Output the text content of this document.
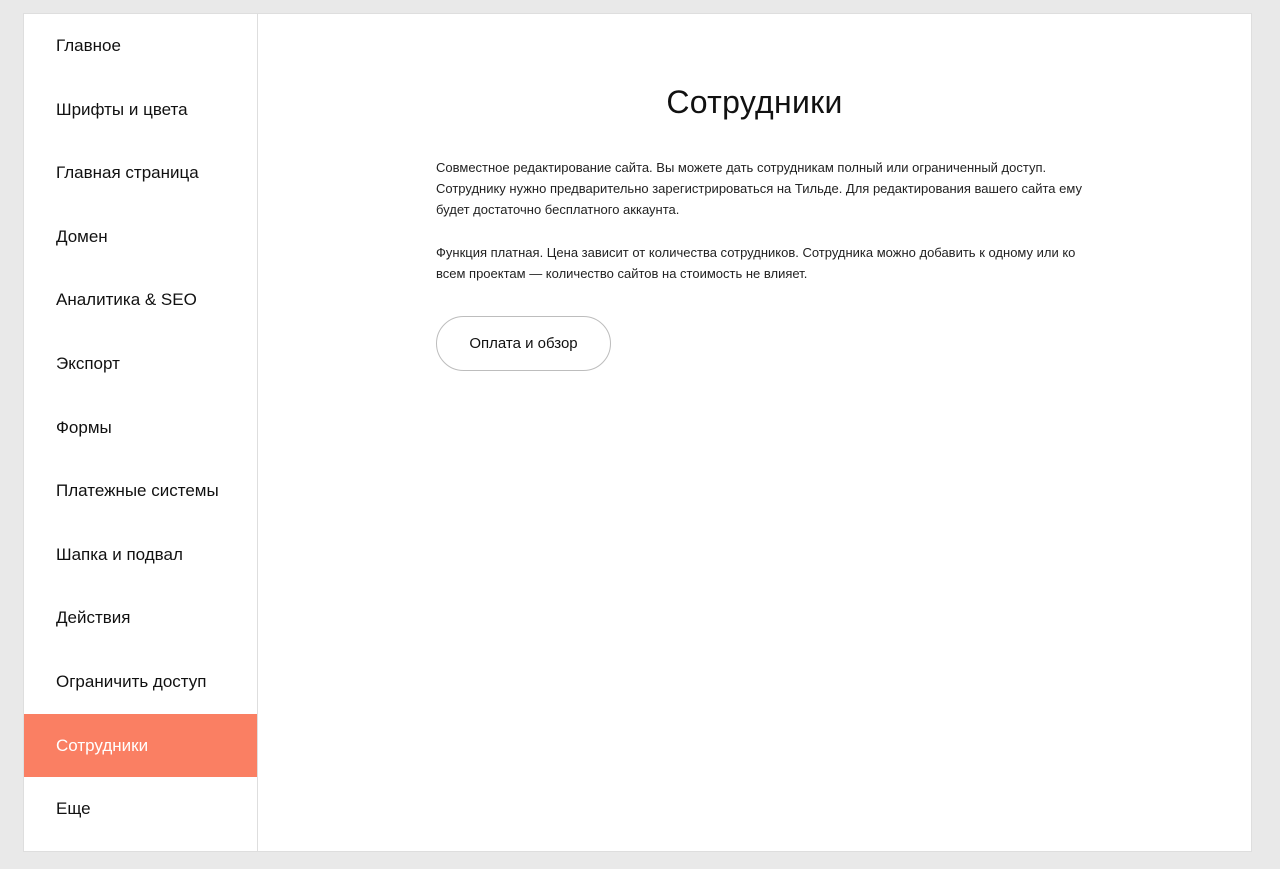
Главное
Шрифты и цвета
Главная страница
Домен
Аналитика & SEO
Экспорт
Формы
Платежные системы
Шапка и подвал
Действия
Ограничить доступ
Сотрудники
Еще
Сотрудники

Совместное редактирование сайта. Вы можете дать сотрудникам полный или ограниченный доступ. Сотруднику нужно предварительно зарегистрироваться на Тильде. Для редактирования вашего сайта ему будет достаточно бесплатного аккаунта.

Функция платная. Цена зависит от количества сотрудников. Сотрудника можно добавить к одному или ко всем проектам — количество сайтов на стоимость не влияет.

Оплата и обзор
